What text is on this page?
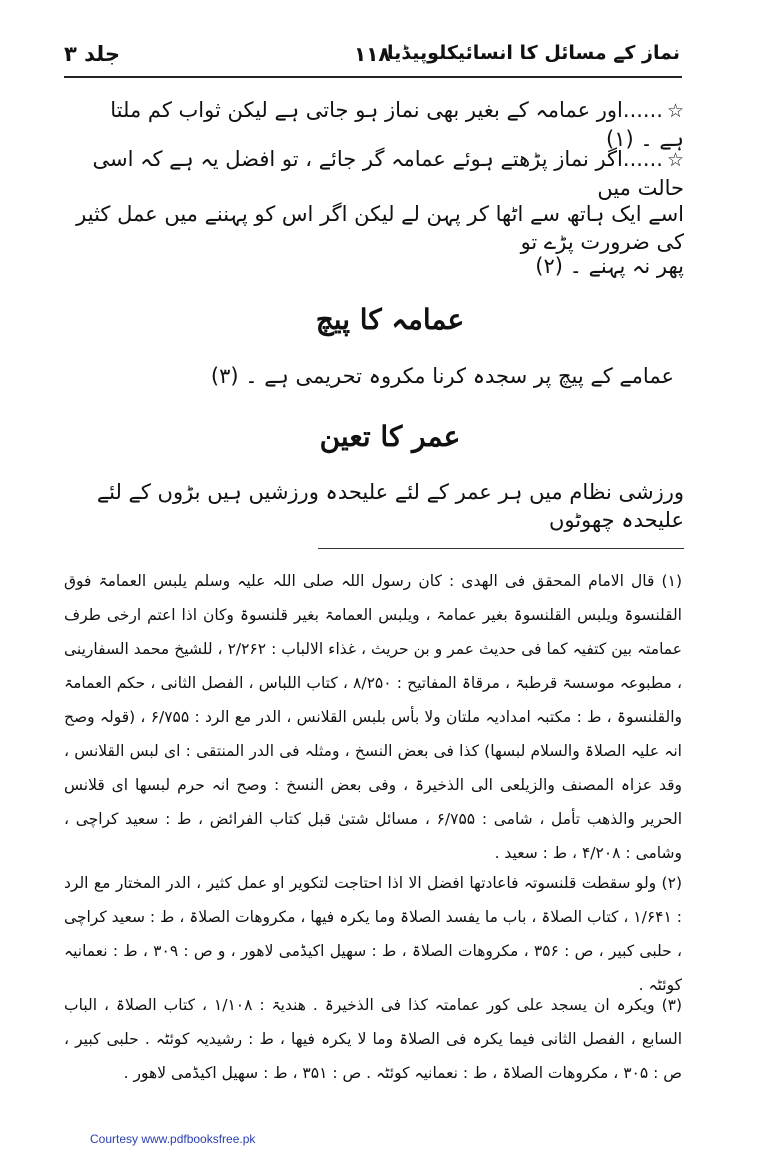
جلد ۳	۱۱۸
نماز کے مسائل کا انسائیکلوپیڈیا
☆......اور عمامہ کے بغیر بھی نماز ہو جاتی ہے لیکن ثواب کم ملتا ہے ۔ (۱)
☆......اگر نماز پڑھتے ہوئے عمامہ گر جائے ، تو افضل یہ ہے کہ اسی حالت میں
اسے ایک ہاتھ سے اٹھا کر پہن لے لیکن اگر اس کو پہننے میں عمل کثیر کی ضرورت پڑے تو
پھر نہ پہنے ۔ (۲)
عمامہ کا پیچ
عمامے کے پیچ پر سجدہ کرنا مکروہ تحریمی ہے ۔ (۳)
عمر کا تعین
ورزشی نظام میں ہر عمر کے لئے علیحدہ ورزشیں ہیں بڑوں کے لئے علیحدہ چھوٹوں
(۱) قال الامام المحقق فی الھدی : کان رسول اللہ صلی اللہ علیہ وسلم یلبس العمامۃ فوق القلنسوۃ ویلبس القلنسوۃ بغیر عمامۃ ، ویلبس العمامۃ بغیر قلنسوۃ وکان اذا اعتم ارخی طرف عمامتہ بین کتفیہ کما فی حدیث عمر و بن حریث ، غذاء الالباب : ۲/۲۶۲ ، للشیخ محمد السفارینی ، مطبوعہ موسسۃ قرطبۃ ، مرقاۃ المفاتیح : ۸/۲۵۰ ، کتاب اللباس ، الفصل الثانی ، حکم العمامۃ والقلنسوۃ ، ط : مکتبہ امدادیہ ملتان ولا بأس بلبس القلانس ، الدر مع الرد : ۶/۷۵۵ ، (قولہ وصح انہ علیہ الصلاۃ والسلام لبسھا) کذا فی بعض النسخ ، ومثلہ فی الدر المنتقی : ای لبس القلانس ، وقد عزاہ المصنف والزیلعی الی الذخیرۃ ، وفی بعض النسخ : وصح انہ حرم لبسھا ای قلانس الحریر والذھب تأمل ، شامی : ۶/۷۵۵ ، مسائل شتیٰ قبل کتاب الفرائض ، ط : سعید کراچی ، وشامی : ۴/۲۰۸ ، ط : سعید .
(۲) ولو سقطت قلنسوتہ فاعادتھا افضل الا اذا احتاجت لتکویر او عمل کثیر ، الدر المختار مع الرد : ۱/۶۴۱ ، کتاب الصلاۃ ، باب ما یفسد الصلاۃ وما یکرہ فیھا ، مکروھات الصلاۃ ، ط : سعید کراچی ، حلبی کبیر ، ص : ۳۵۶ ، مکروھات الصلاۃ ، ط : سھیل اکیڈمی لاھور ، و ص : ۳۰۹ ، ط : نعمانیہ کوئٹہ .
(۳) ویکرہ ان یسجد علی کور عمامتہ کذا فی الذخیرۃ . ھندیۃ : ۱/۱۰۸ ، کتاب الصلاۃ ، الباب السابع ، الفصل الثانی فیما یکرہ فی الصلاۃ وما لا یکرہ فیھا ، ط : رشیدیہ کوئٹہ . حلبی کبیر ، ص : ۳۰۵ ، مکروھات الصلاۃ ، ط : نعمانیہ کوئٹہ . ص : ۳۵۱ ، ط : سھیل اکیڈمی لاھور .
Courtesy www.pdfbooksfree.pk
